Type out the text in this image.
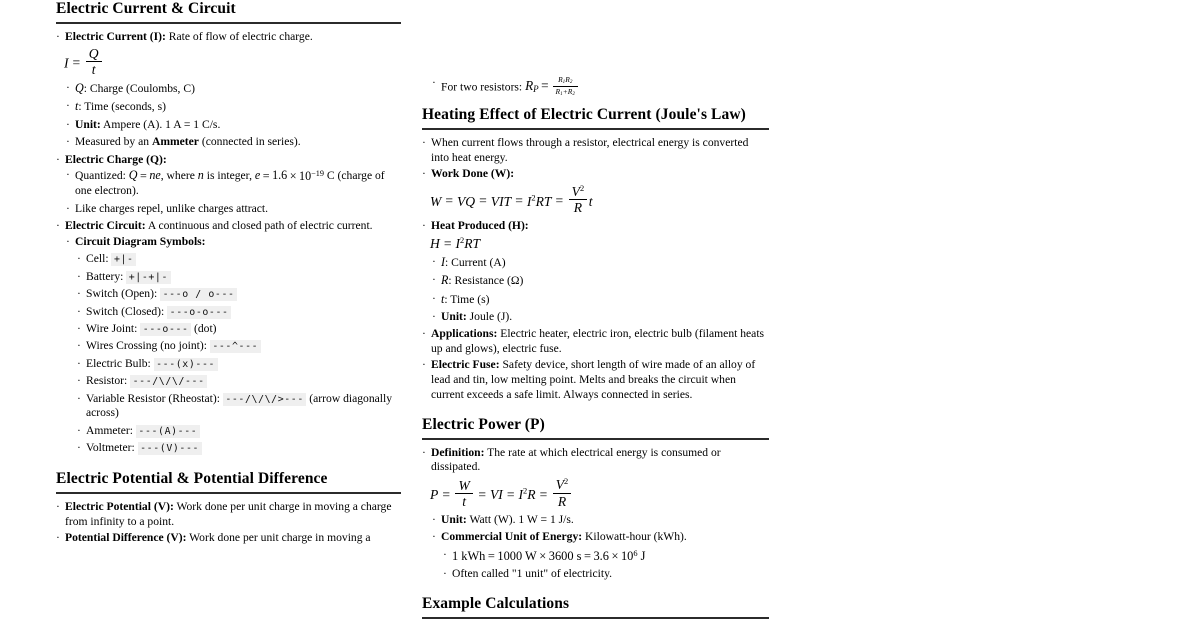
Electric Current & Circuit
· Electric Current (I): Rate of flow of electric charge.
$I = \frac{Q}{t}$
· Q: Charge (Coulombs, C)
· t: Time (seconds, s)
· Unit: Ampere (A). 1 A = 1 C/s.
· Measured by an Ammeter (connected in series).
· Electric Charge (Q):
· Quantized: Q = ne, where n is integer, $e = 1.6 \times 10^{-19}$ C (charge of one electron).
· Like charges repel, unlike charges attract.
· Electric Circuit: A continuous and closed path of electric current.
· Circuit Diagram Symbols:
· Cell: +|-
· Battery: +|-+|-
· Switch (Open): ---o / o---
· Switch (Closed): ---o-o---
· Wire Joint: ---o--- (dot)
· Wires Crossing (no joint): ---^---
· Electric Bulb: ---(x)---
· Resistor: ---/\/\/---
· Variable Resistor (Rheostat): ---/\/\/>--- (arrow diagonally across)
· Ammeter: ---(A)---
· Voltmeter: ---(V)---
Electric Potential & Potential Difference
· Electric Potential (V): Work done per unit charge in moving a charge from infinity to a point.
· Potential Difference (V): Work done per unit charge in moving a
· For two resistors: $R_P = \frac{R_1R_2}{R_1+R_2}$
Heating Effect of Electric Current (Joule's Law)
· When current flows through a resistor, electrical energy is converted into heat energy.
· Work Done (W):
W = VQ = VIT = $I^2RT = \frac{V^2}{R}$ t
· Heat Produced (H):
$H = I^2RT$
· I: Current (A)
· R: Resistance (Ω)
· t: Time (s)
· Unit: Joule (J).
· Applications: Electric heater, electric iron, electric bulb (filament heats up and glows), electric fuse.
· Electric Fuse: Safety device, short length of wire made of an alloy of lead and tin, low melting point. Melts and breaks the circuit when current exceeds a safe limit. Always connected in series.
Electric Power (P)
· Definition: The rate at which electrical energy is consumed or dissipated.
$P = \frac{W}{t}$ = VI = $I^2R = \frac{V^2}{R}$
· Unit: Watt (W). 1 W = 1 J/s.
· Commercial Unit of Energy: Kilowatt-hour (kWh).
· 1 kWh = 1000 W × 3600 $s = 3.6 \times 10^6$ J
· Often called "1 unit" of electricity.
Example Calculations
